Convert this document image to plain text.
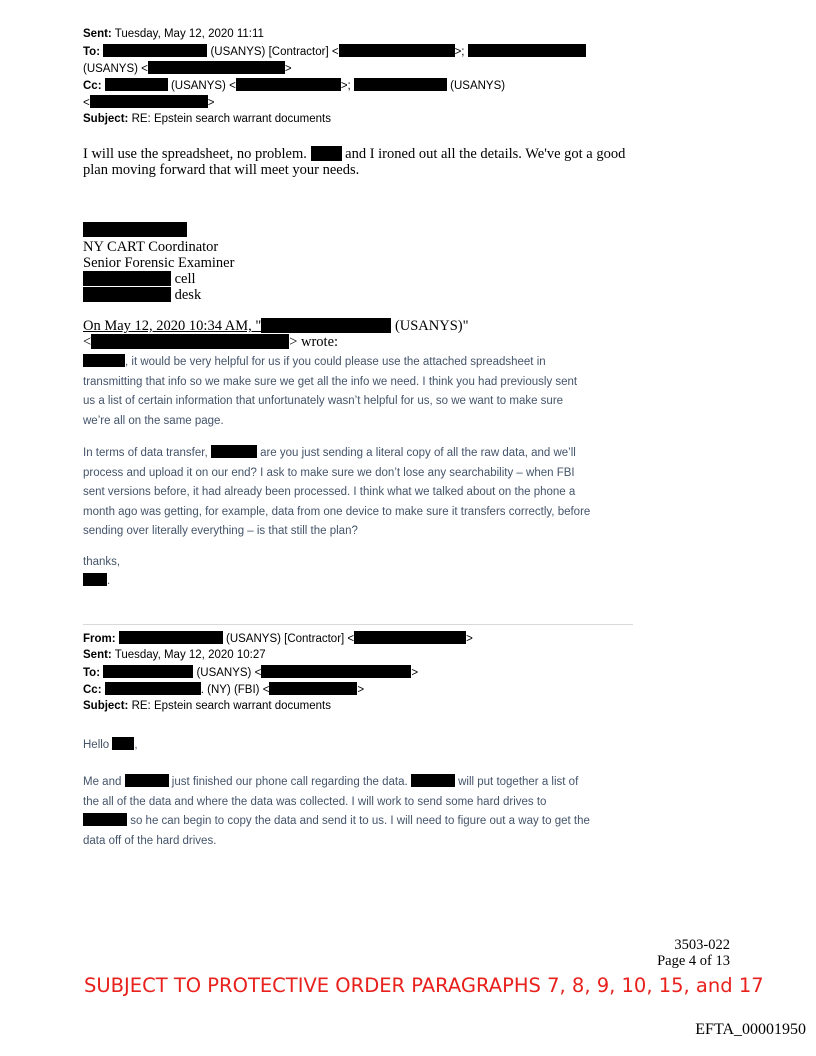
Sent: Tuesday, May 12, 2020 11:11
To:	(USANYS) [Contractor] <	>;
(USANYS) <	>
Cc:	(USANYS) <	>;	(USANYS)
<	>
Subject: RE: Epstein search warrant documents
I will use the spreadsheet, no problem.	and I ironed out all the details. We've got a good
plan moving forward that will meet your needs.
NY CART Coordinator
Senior Forensic Examiner
cell
desk
On May 12, 2020 10:34 AM, "	(USANYS)"
<	> wrote:
, it would be very helpful for us if you could please use the attached spreadsheet in
transmitting that info so we make sure we get all the info we need. I think you had previously sent
us a list of certain information that unfortunately wasn’t helpful for us, so we want to make sure
we’re all on the same page.
In terms of data transfer,	are you just sending a literal copy of all the raw data, and we’ll
process and upload it on our end? I ask to make sure we don’t lose any searchability – when FBI
sent versions before, it had already been processed. I think what we talked about on the phone a
month ago was getting, for example, data from one device to make sure it transfers correctly, before
sending over literally everything – is that still the plan?
thanks,
.
From:	(USANYS) [Contractor] <	>
Sent: Tuesday, May 12, 2020 10:27
To:	(USANYS) <	>
Cc:	. (NY) (FBI) <	>
Subject: RE: Epstein search warrant documents
Hello ,
Me and	just finished our phone call regarding the data.	will put together a list of
the all of the data and where the data was collected. I will work to send some hard drives to
so he can begin to copy the data and send it to us. I will need to figure out a way to get the
data off of the hard drives.
3503-022
Page 4 of 13
SUBJECT TO PROTECTIVE ORDER PARAGRAPHS 7, 8, 9, 10, 15, and 17
EFTA_00001950
